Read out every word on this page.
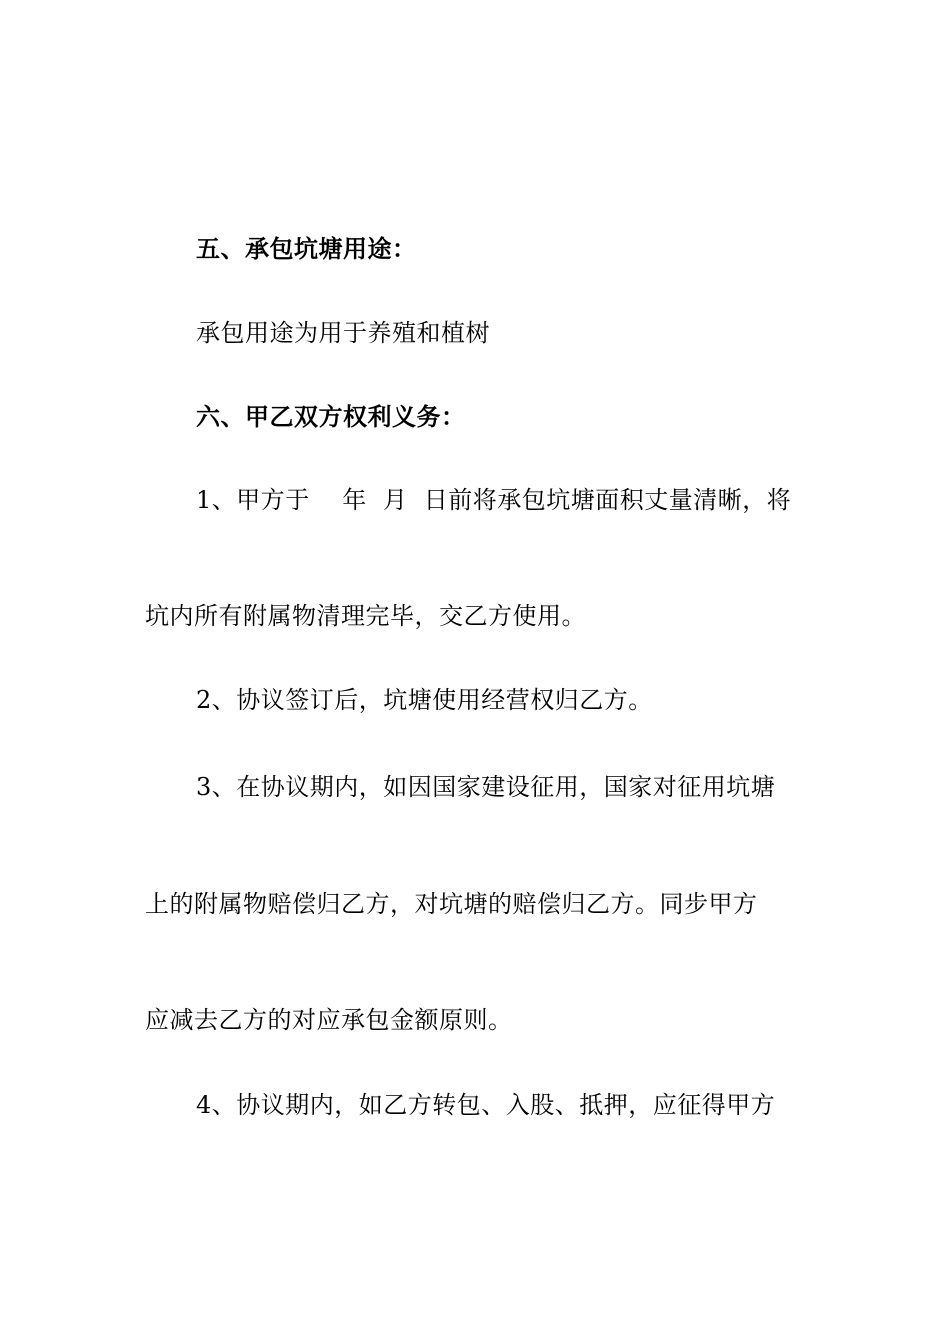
五、承包坑塘用途：
承包用途为用于养殖和植树
六、甲乙双方权利义务：
1、甲方于    年  月  日前将承包坑塘面积丈量清晰，将
坑内所有附属物清理完毕，交乙方使用。
2、协议签订后，坑塘使用经营权归乙方。
3、在协议期内，如因国家建设征用，国家对征用坑塘
上的附属物赔偿归乙方，对坑塘的赔偿归乙方。同步甲方
应减去乙方的对应承包金额原则。
4、协议期内，如乙方转包、入股、抵押，应征得甲方
